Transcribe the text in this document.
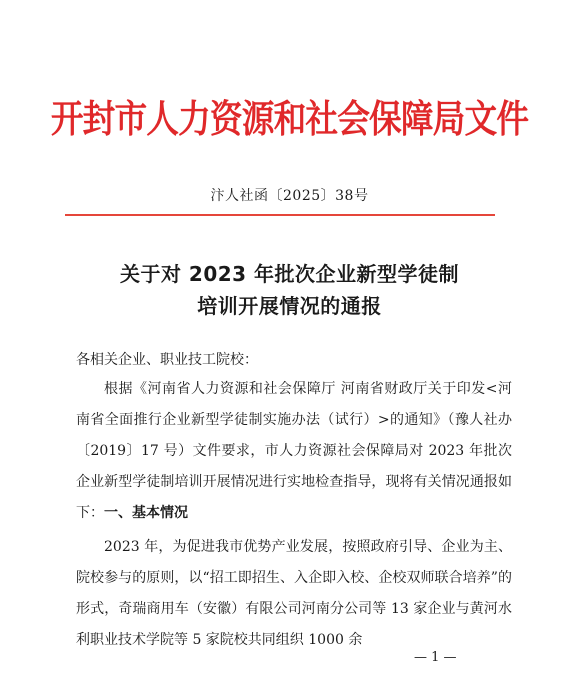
开封市人力资源和社会保障局文件
汴人社函〔2025〕38号
关于对 2023 年批次企业新型学徒制
培训开展情况的通报
各相关企业、职业技工院校：
根据《河南省人力资源和社会保障厅 河南省财政厅关于印发<河南省全面推行企业新型学徒制实施办法（试行）>的通知》（豫人社办〔2019〕17 号）文件要求，市人力资源社会保障局对 2023 年批次企业新型学徒制培训开展情况进行实地检查指导，现将有关情况通报如下： 一、基本情况
2023 年，为促进我市优势产业发展，按照政府引导、企业为主、院校参与的原则，以“招工即招生、入企即入校、企校双师联合培养”的形式，奇瑞商用车（安徽）有限公司河南分公司等 13 家企业与黄河水利职业技术学院等 5 家院校共同组织 1000 余
— 1 —
